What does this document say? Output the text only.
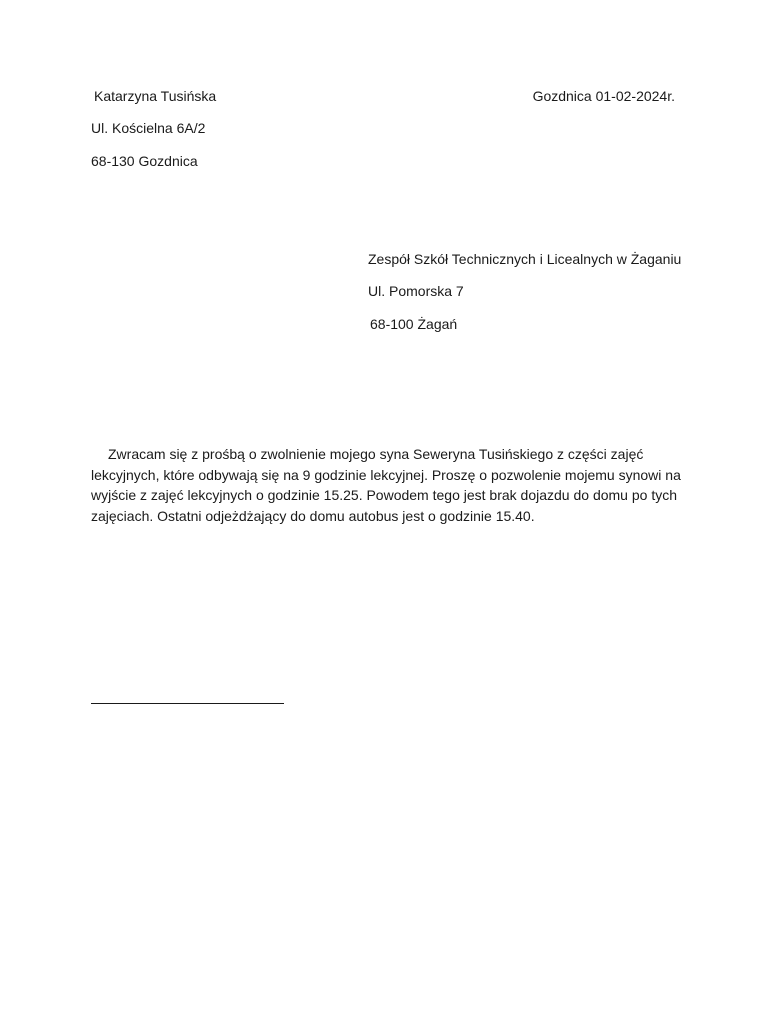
Katarzyna Tusińska
Ul. Kościelna 6A/2
68-130 Gozdnica
Gozdnica 01-02-2024r.
Zespół Szkół Technicznych i Licealnych w Żaganiu
Ul. Pomorska 7
68-100 Żagań

Zwracam się z prośbą o zwolnienie mojego syna Seweryna Tusińskiego z części zajęć lekcyjnych, które odbywają się na 9 godzinie lekcyjnej. Proszę o pozwolenie mojemu synowi na wyjście z zajęć lekcyjnych o godzinie 15.25. Powodem tego jest brak dojazdu do domu po tych zajęciach. Ostatni odjeżdżający do domu autobus jest o godzinie 15.40.
